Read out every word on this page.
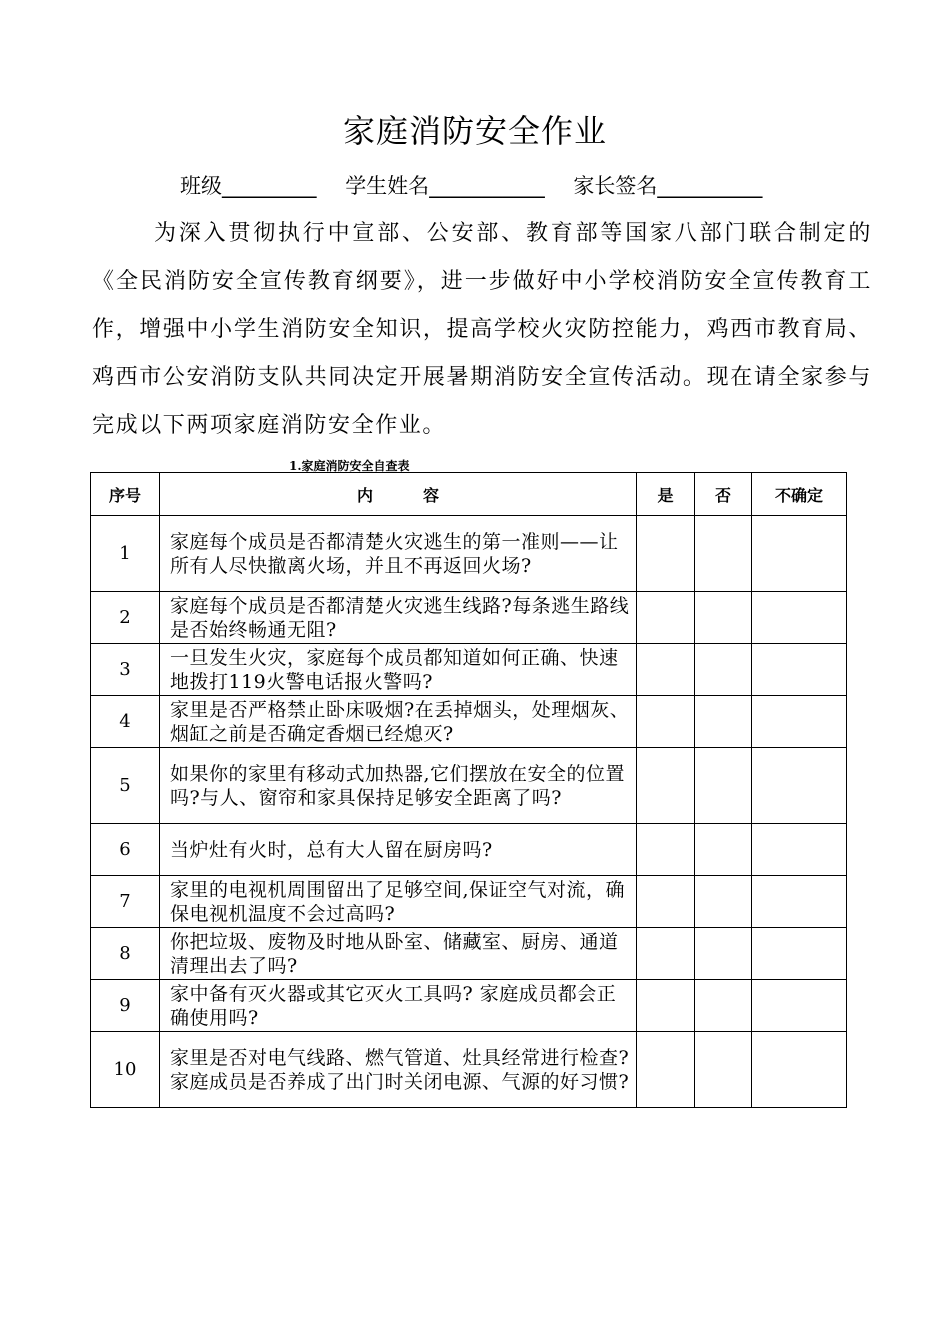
家庭消防安全作业
班级_________ 学生姓名___________ 家长签名__________
为深入贯彻执行中宣部、公安部、教育部等国家八部门联合制定的《全民消防安全宣传教育纲要》，进一步做好中小学校消防安全宣传教育工作，增强中小学生消防安全知识，提高学校火灾防控能力，鸡西市教育局、鸡西市公安消防支队共同决定开展暑期消防安全宣传活动。现在请全家参与完成以下两项家庭消防安全作业。
1.家庭消防安全自查表
序号	内 容	是	否	不确定
1	家庭每个成员是否都清楚火灾逃生的第一准则——让所有人尽快撤离火场，并且不再返回火场?			
2	家庭每个成员是否都清楚火灾逃生线路?每条逃生路线是否始终畅通无阻?			
3	一旦发生火灾，家庭每个成员都知道如何正确、快速地拨打119火警电话报火警吗?			
4	家里是否严格禁止卧床吸烟?在丢掉烟头，处理烟灰、烟缸之前是否确定香烟已经熄灭?			
5	如果你的家里有移动式加热器,它们摆放在安全的位置吗?与人、窗帘和家具保持足够安全距离了吗?			
6	当炉灶有火时，总有大人留在厨房吗?			
7	家里的电视机周围留出了足够空间,保证空气对流，确保电视机温度不会过高吗?			
8	你把垃圾、废物及时地从卧室、储藏室、厨房、通道清理出去了吗?			
9	家中备有灭火器或其它灭火工具吗? 家庭成员都会正确使用吗?			
10	家里是否对电气线路、燃气管道、灶具经常进行检查? 家庭成员是否养成了出门时关闭电源、气源的好习惯?			
